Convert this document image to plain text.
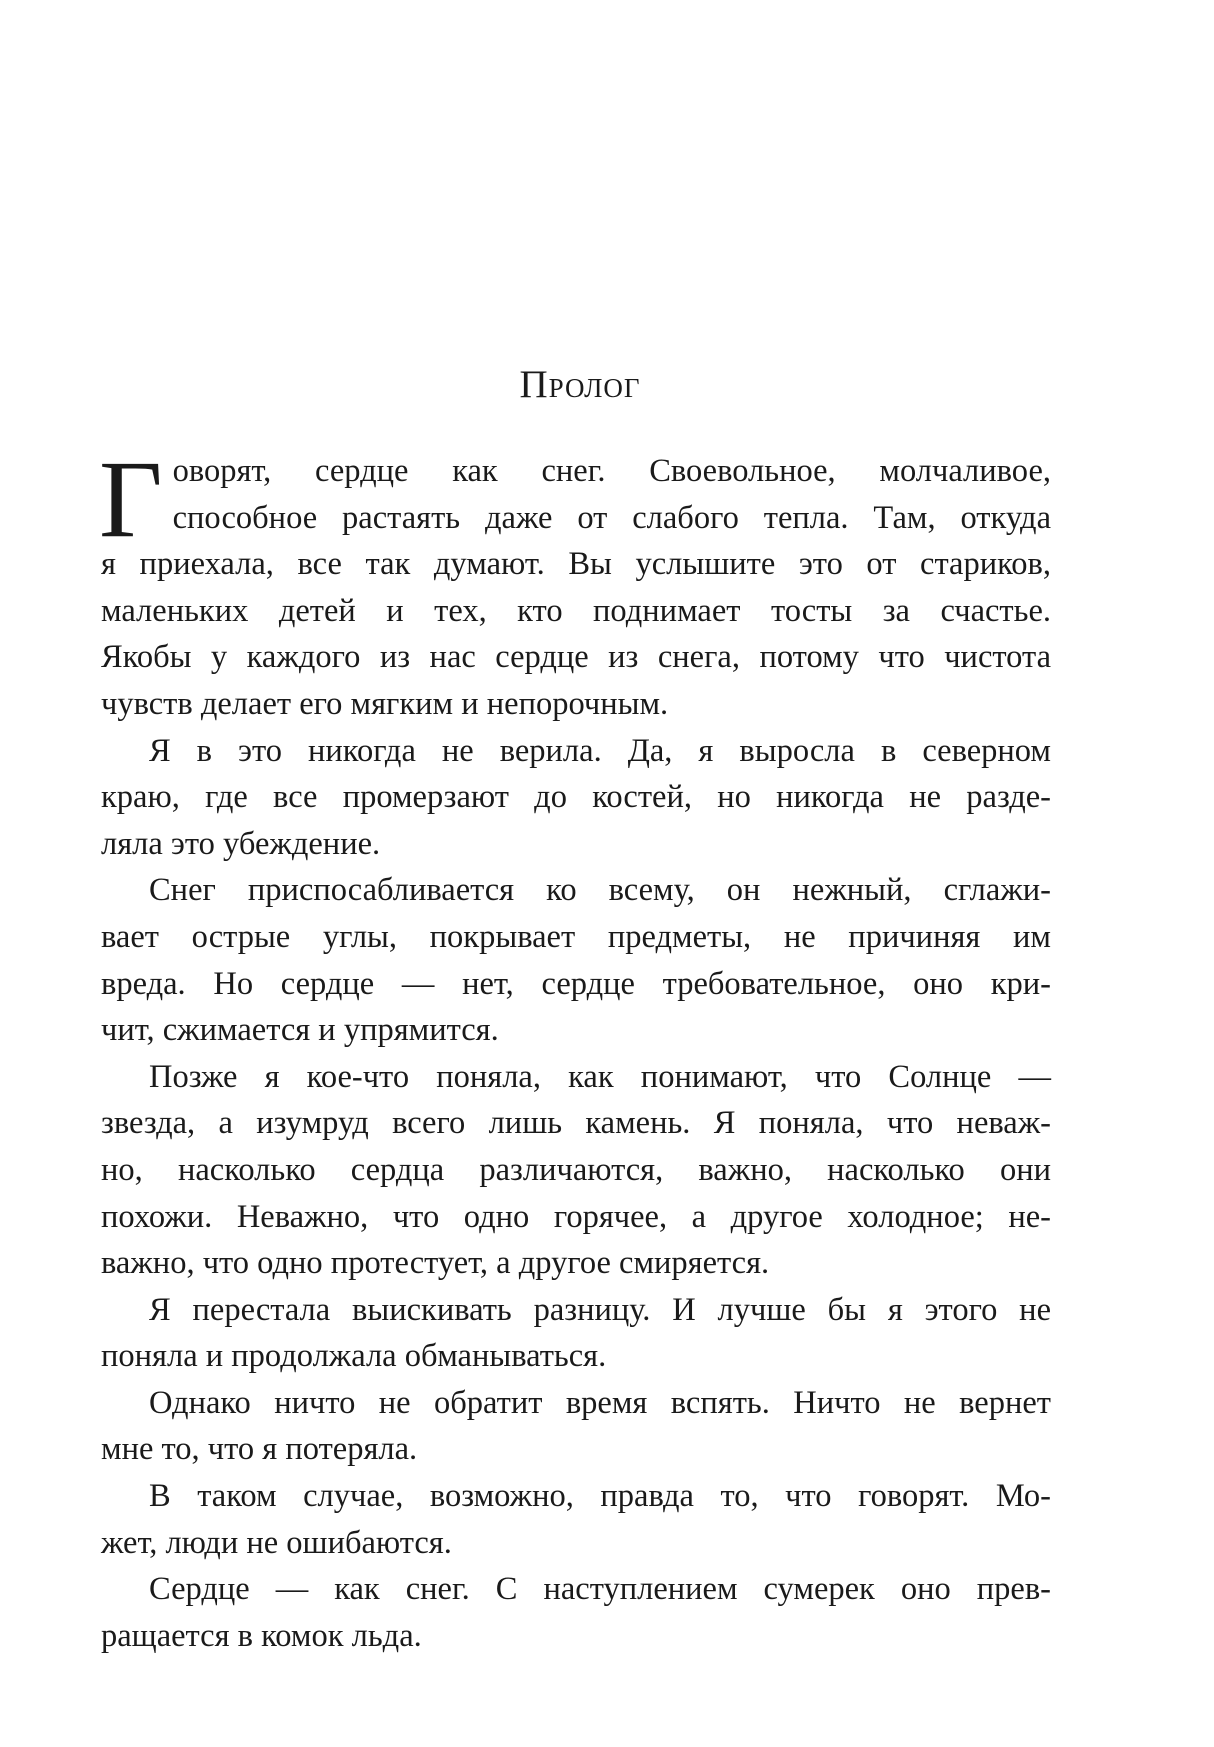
Пролог
Г оворят, сердце как снег. Своевольное, молчаливое,
способное растаять даже от слабого тепла. Там, откуда
я приехала, все так думают. Вы услышите это от стариков,
маленьких детей и тех, кто поднимает тосты за счастье.
Якобы у каждого из нас сердце из снега, потому что чистота
чувств делает его мягким и непорочным.
Я в это никогда не верила. Да, я выросла в северном
краю, где все промерзают до костей, но никогда не разде-
ляла это убеждение.
Снег приспосабливается ко всему, он нежный, сглажи-
вает острые углы, покрывает предметы, не причиняя им
вреда. Но сердце — нет, сердце требовательное, оно кри-
чит, сжимается и упрямится.
Позже я кое-что поняла, как понимают, что Солнце —
звезда, а изумруд всего лишь камень. Я поняла, что неваж-
но, насколько сердца различаются, важно, насколько они
похожи. Неважно, что одно горячее, а другое холодное; не-
важно, что одно протестует, а другое смиряется.
Я перестала выискивать разницу. И лучше бы я этого не
поняла и продолжала обманываться.
Однако ничто не обратит время вспять. Ничто не вернет
мне то, что я потеряла.
В таком случае, возможно, правда то, что говорят. Мо-
жет, люди не ошибаются.
Сердце — как снег. С наступлением сумерек оно прев-
ращается в комок льда.
